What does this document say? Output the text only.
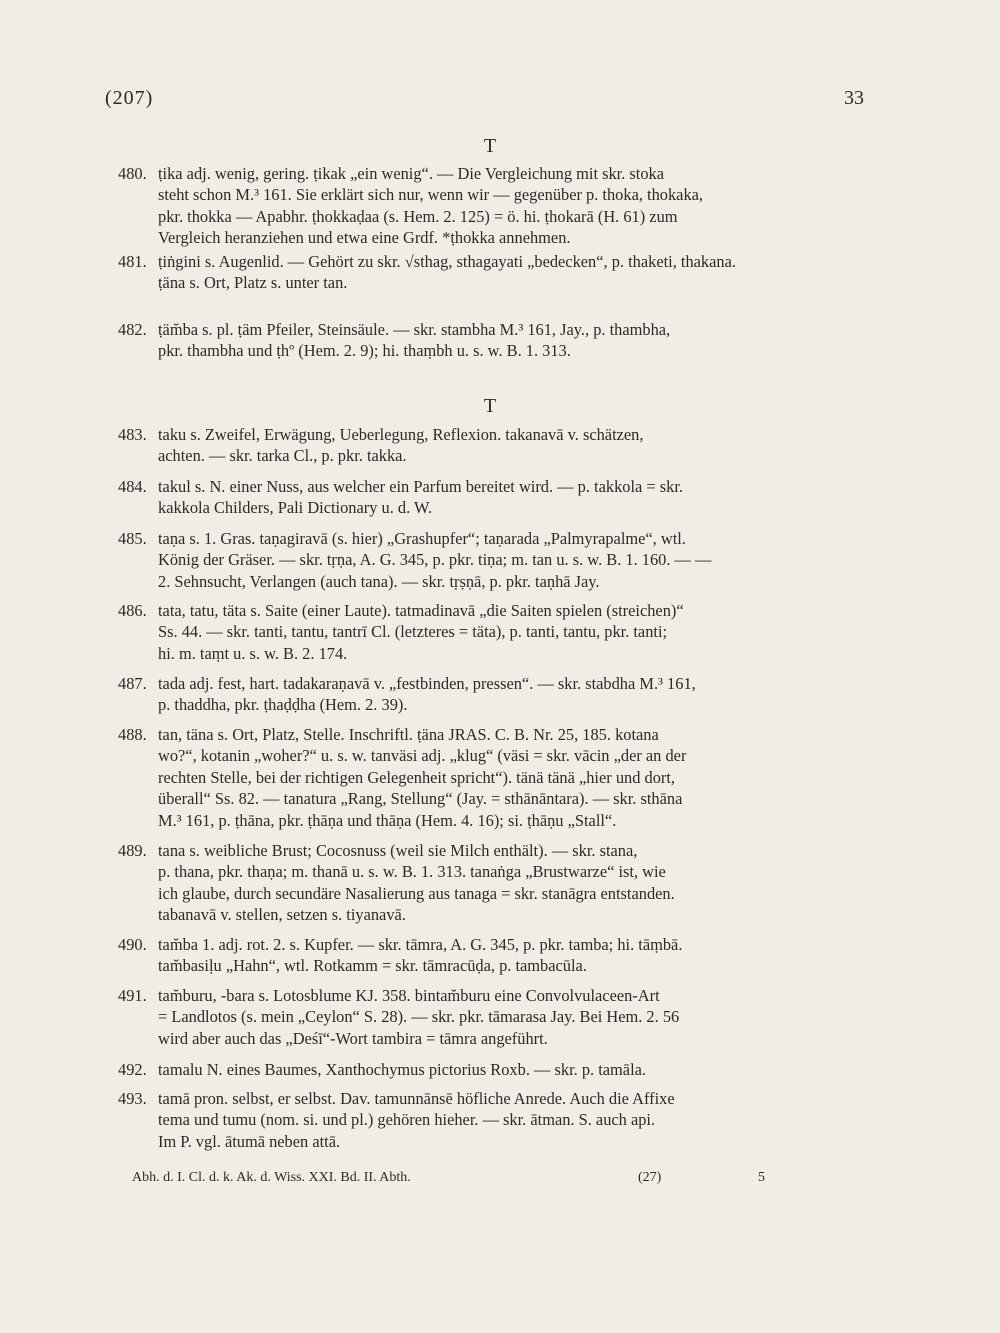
(207)	33
T
T
480. ṭika adj. wenig, gering. ṭikak „ein wenig“. — Die Vergleichung mit skr. stoka
steht schon M.³ 161. Sie erklärt sich nur, wenn wir — gegenüber p. thoka, thokaka,
pkr. thokka — Apabhr. ṭhokkaḍaa (s. Hem. 2. 125) = ö. hi. ṭhokarā (H. 61) zum
Vergleich heranziehen und etwa eine Grdf. *ṭhokka annehmen.
481. ṭiṅgini s. Augenlid. — Gehört zu skr. √sthag, sthagayati „bedecken“, p. thaketi, thakana.
ṭäna s. Ort, Platz s. unter tan.
482. ṭäm̆ba s. pl. ṭäm Pfeiler, Steinsäule. — skr. stambha M.³ 161, Jay., p. thambha,
pkr. thambha und ṭhº (Hem. 2. 9); hi. thaṃbh u. s. w. B. 1. 313.
483. taku s. Zweifel, Erwägung, Ueberlegung, Reflexion. takanavā v. schätzen,
achten. — skr. tarka Cl., p. pkr. takka.
484. takul s. N. einer Nuss, aus welcher ein Parfum bereitet wird. — p. takkola = skr.
kakkola Childers, Pali Dictionary u. d. W.
485. taṇa s. 1. Gras. taṇagiravā (s. hier) „Grashupfer“; taṇarada „Palmyrapalme“, wtl.
König der Gräser. — skr. tṛṇa, A. G. 345, p. pkr. tiṇa; m. tan u. s. w. B. 1. 160. — —
2. Sehnsucht, Verlangen (auch tana). — skr. tṛṣṇā, p. pkr. taṇhā Jay.
486. tata, tatu, täta s. Saite (einer Laute). tatmadinavā „die Saiten spielen (streichen)“
Ss. 44. — skr. tanti, tantu, tantrī Cl. (letzteres = täta), p. tanti, tantu, pkr. tanti;
hi. m. taṃt u. s. w. B. 2. 174.
487. tada adj. fest, hart. tadakaraṇavā v. „festbinden, pressen“. — skr. stabdha M.³ 161,
p. thaddha, pkr. ṭhaḍḍha (Hem. 2. 39).
488. tan, täna s. Ort, Platz, Stelle. Inschriftl. ṭäna JRAS. C. B. Nr. 25, 185. kotana
wo?“, kotanin „woher?“ u. s. w. tanväsi adj. „klug“ (väsi = skr. vācin „der an der
rechten Stelle, bei der richtigen Gelegenheit spricht“). tänä tänä „hier und dort,
überall“ Ss. 82. — tanatura „Rang, Stellung“ (Jay. = sthānāntara). — skr. sthāna
M.³ 161, p. ṭhāna, pkr. ṭhāṇa und thāṇa (Hem. 4. 16); si. ṭhāṇu „Stall“.
489. tana s. weibliche Brust; Cocosnuss (weil sie Milch enthält). — skr. stana,
p. thana, pkr. thaṇa; m. thanā u. s. w. B. 1. 313. tanaṅga „Brustwarze“ ist, wie
ich glaube, durch secundäre Nasalierung aus tanaga = skr. stanāgra entstanden.
tabanavā v. stellen, setzen s. tiyanavā.
490. tam̆ba 1. adj. rot. 2. s. Kupfer. — skr. tāmra, A. G. 345, p. pkr. tamba; hi. tāṃbā.
tam̆basiḷu „Hahn“, wtl. Rotkamm = skr. tāmracūḍa, p. tambacūla.
491. tam̆buru, -bara s. Lotosblume KJ. 358. bintam̆buru eine Convolvulaceen-Art
= Landlotos (s. mein „Ceylon“ S. 28). — skr. pkr. tāmarasa Jay. Bei Hem. 2. 56
wird aber auch das „Deśī“-Wort tambira = tāmra angeführt.
492. tamalu N. eines Baumes, Xanthochymus pictorius Roxb. — skr. p. tamāla.
493. tamā pron. selbst, er selbst. Dav. tamunnānsē höfliche Anrede. Auch die Affixe
tema und tumu (nom. si. und pl.) gehören hieher. — skr. ātman. S. auch api.
Im P. vgl. ātumā neben attā.
Abh. d. I. Cl. d. k. Ak. d. Wiss. XXI. Bd. II. Abth.	(27)	5
